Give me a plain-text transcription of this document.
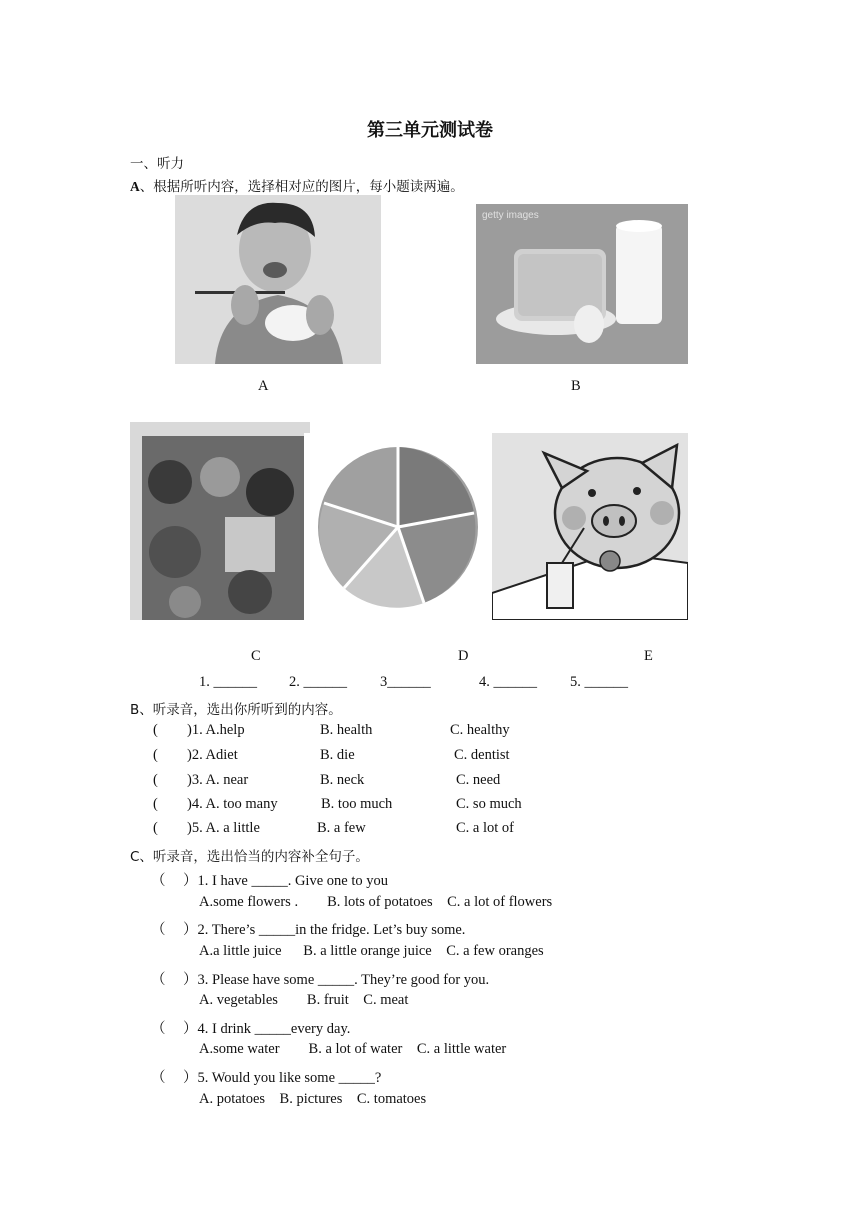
第三单元测试卷
一、听力
A、根据所听内容，选择相对应的图片，每小题读两遍。
getty images
A	B
C	D	E
1. ______ 2. ______ 3______	4. ______ 5. ______
B、听录音，选出你所听到的内容。
( )1. A.help	B. health	C. healthy
( )2. Adiet	B. die	C. dentist
( )3. A. near	B. neck	C. need
( )4. A. too many	B. too much	C. so much
( )5. A. a little	B. a few	C. a lot of
C、听录音，选出恰当的内容补全句子。
（ ）1. I have _____. Give one to you
A.some flowers .        B. lots of potatoes    C. a lot of flowers
（ ）2. There’s _____in the fridge. Let’s buy some.
A.a little juice      B. a little orange juice    C. a few oranges
（ ）3. Please have some _____. They’re good for you.
A. vegetables        B. fruit    C. meat
（ ）4. I drink _____every day.
A.some water        B. a lot of water    C. a little water
（ ）5. Would you like some _____?
A. potatoes    B. pictures    C. tomatoes
